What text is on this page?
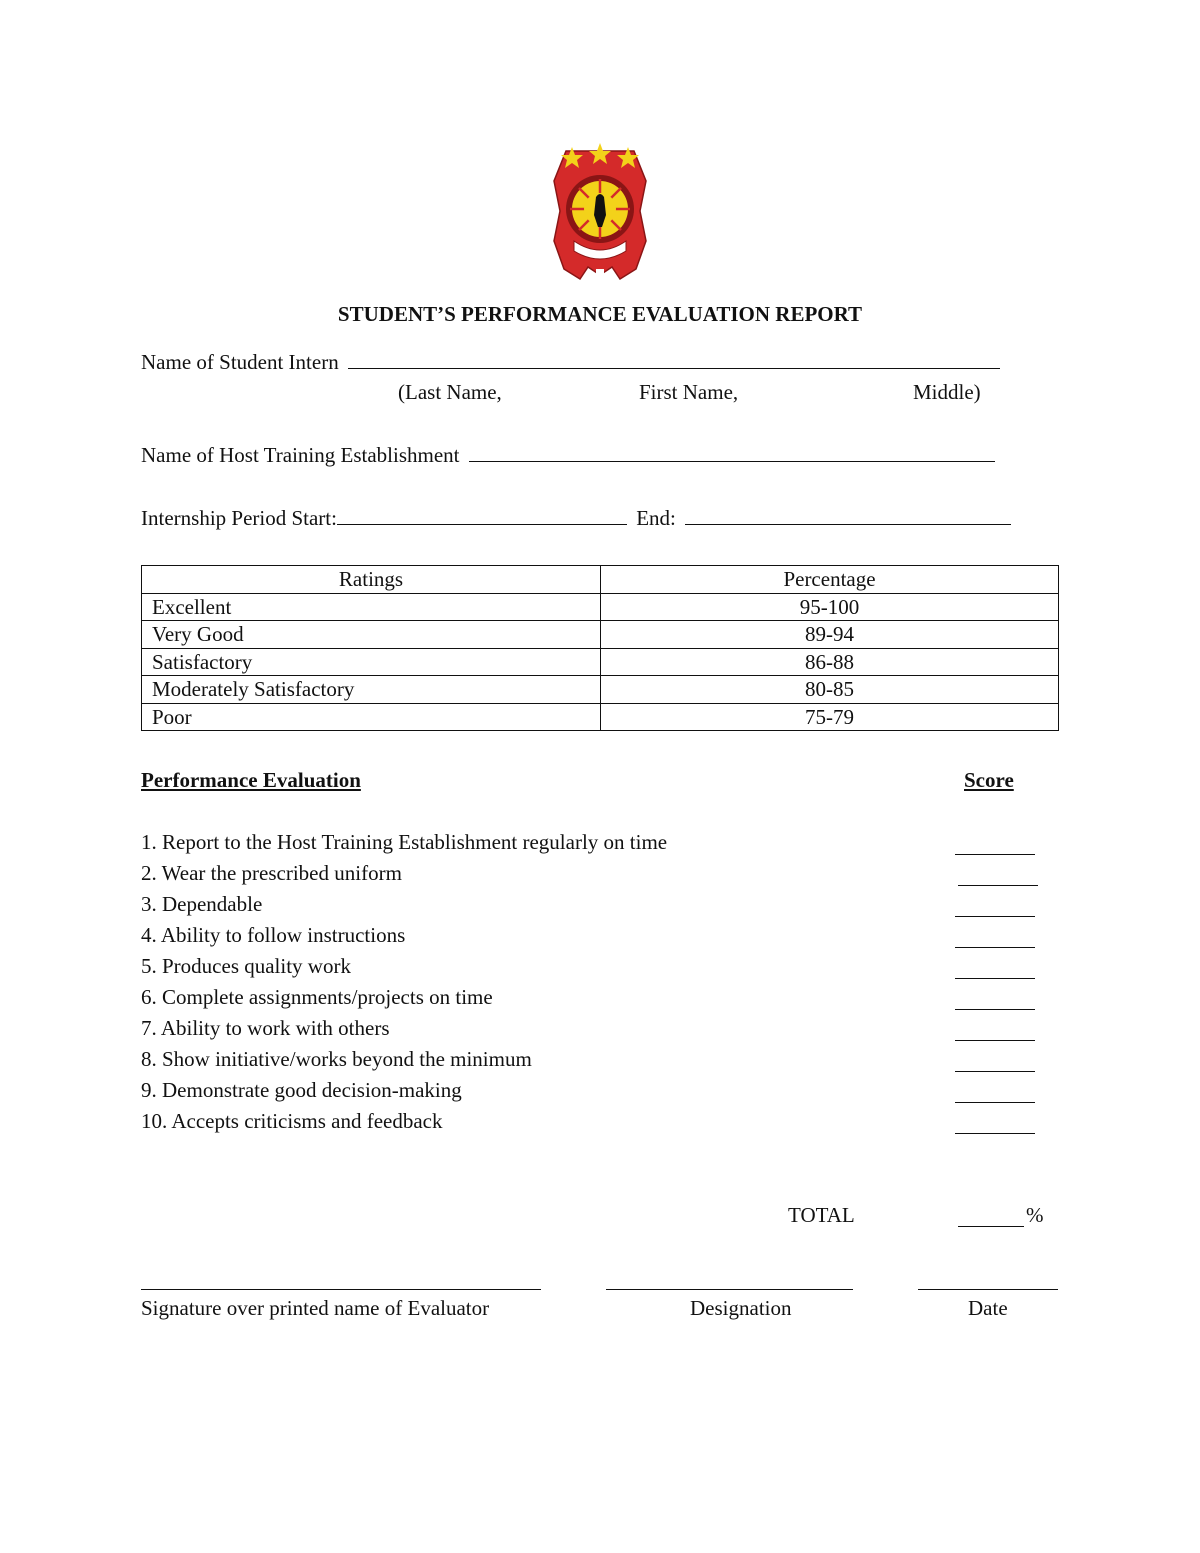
STUDENT’S PERFORMANCE EVALUATION REPORT
Name of Student Intern
(Last Name,	First Name,	Middle)
Name of Host Training Establishment
Internship Period Start:	End:
Ratings	Percentage
Excellent	95-100
Very Good	89-94
Satisfactory	86-88
Moderately Satisfactory	80-85
Poor	75-79
Performance Evaluation	Score
1. Report to the Host Training Establishment regularly on time
2. Wear the prescribed uniform
3. Dependable
4. Ability to follow instructions
5. Produces quality work
6. Complete assignments/projects on time
7. Ability to work with others
8. Show initiative/works beyond the minimum
9. Demonstrate good decision-making
10. Accepts criticisms and feedback
TOTAL	%
Signature over printed name of Evaluator	Designation	Date
